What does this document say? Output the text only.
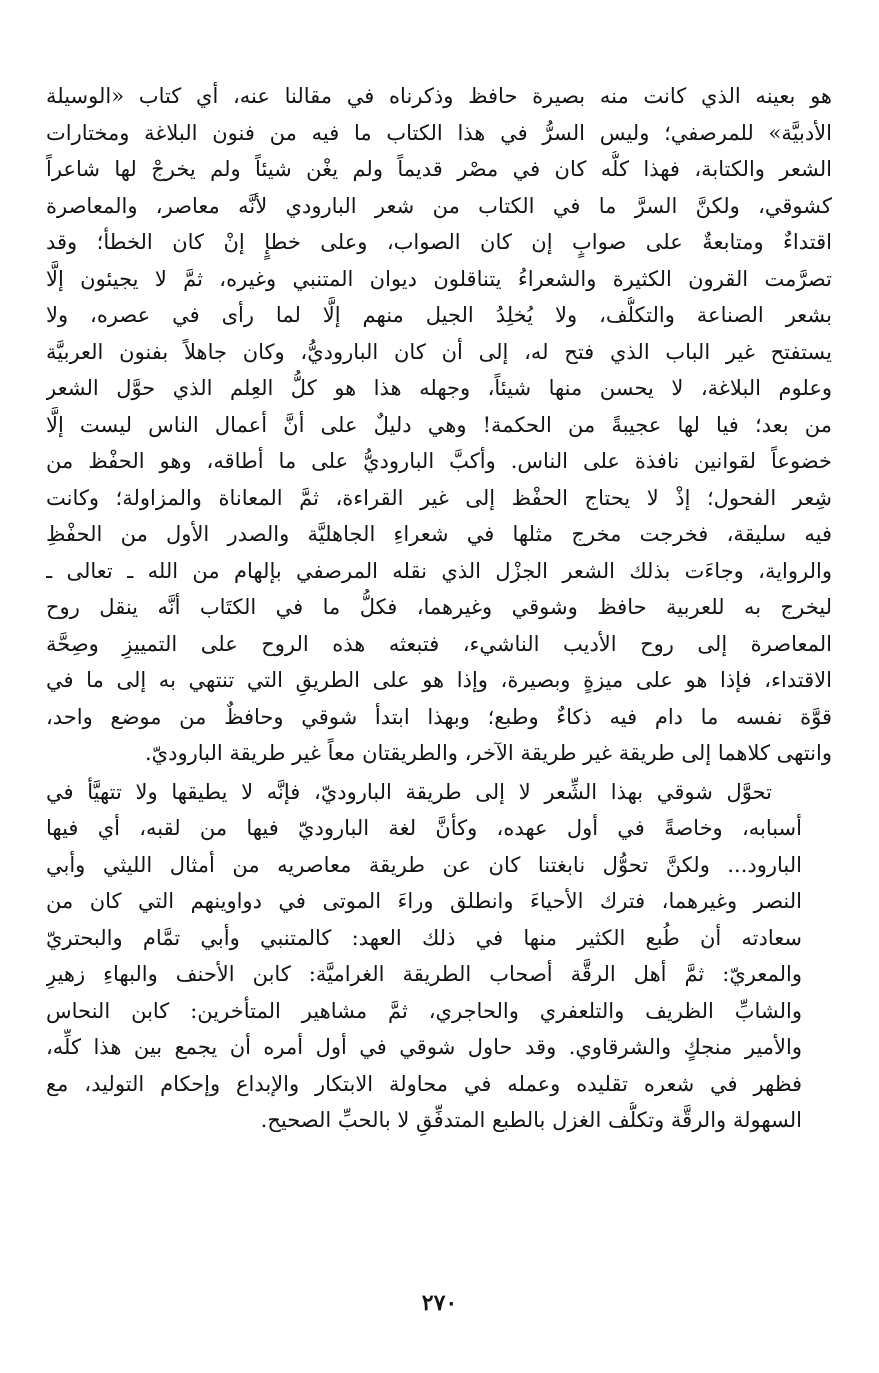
هو بعينه الذي كانت منه بصيرة حافظ وذكرناه في مقالنا عنه، أي كتاب «الوسيلة
الأدبيَّة» للمرصفي؛ وليس السرُّ في هذا الكتاب ما فيه من فنون البلاغة ومختارات
الشعر والكتابة، فهذا كلُّه كان في مصْر قديماً ولم يغْن شيئاً ولم يخرجْ لها شاعراً
كشوقي، ولكنَّ السرَّ ما في الكتاب من شعر البارودي لأنَّه معاصر، والمعاصرة
اقتداءٌ ومتابعةٌ على صوابٍ إن كان الصواب، وعلى خطإٍ إنْ كان الخطأ؛ وقد
تصرَّمت القرون الكثيرة والشعراءُ يتناقلون ديوان المتنبي وغيره، ثمَّ لا يجيئون إلَّا
بشعر الصناعة والتكلُّف، ولا يُخلِدُ الجيل منهم إلَّا لما رأى في عصره، ولا
يستفتح غير الباب الذي فتح له، إلى أن كان الباروديُّ، وكان جاهلاً بفنون العربيَّة
وعلوم البلاغة، لا يحسن منها شيئاً، وجهله هذا هو كلُّ العِلم الذي حوَّل الشعر
من بعد؛ فيا لها عجيبةً من الحكمة! وهي دليلٌ على أنَّ أعمال الناس ليست إلَّا
خضوعاً لقوانين نافذة على الناس. وأكبَّ الباروديُّ على ما أطاقه، وهو الحفْظ من
شِعر الفحول؛ إذْ لا يحتاج الحفْظ إلى غير القراءة، ثمَّ المعاناة والمزاولة؛ وكانت
فيه سليقة، فخرجت مخرج مثلها في شعراءِ الجاهليَّة والصدر الأول من الحفْظِ
والرواية، وجاءَت بذلك الشعر الجزْل الذي نقله المرصفي بإلهام من الله ـ تعالى ـ
ليخرج به للعربية حافظ وشوقي وغيرهما، فكلُّ ما في الكتَاب أنَّه ينقل روح
المعاصرة إلى روح الأديب الناشيء، فتبعثه هذه الروح على التمييزِ وصِحَّة
الاقتداء، فإذا هو على ميزةٍ وبصيرة، وإذا هو على الطريقِ التي تنتهي به إلى ما في
قوَّة نفسه ما دام فيه ذكاءٌ وطبع؛ وبهذا ابتدأ شوقي وحافظٌ من موضع واحد،
وانتهى كلاهما إلى طريقة غير طريقة الآخر، والطريقتان معاً غير طريقة الباروديّ.
تحوَّل شوقي بهذا الشِّعر لا إلى طريقة الباروديّ، فإنَّه لا يطيقها ولا تتهيَّأ في
أسبابه، وخاصةً في أول عهده، وكأنَّ لغة الباروديّ فيها من لقبه، أي فيها
البارود... ولكنَّ تحوُّل نابغتنا كان عن طريقة معاصريه من أمثال الليثي وأبي
النصر وغيرهما، فترك الأحياءَ وانطلق وراءَ الموتى في دواوينهم التي كان من
سعادته أن طُبع الكثير منها في ذلك العهد: كالمتنبي وأبي تمَّام والبحتريّ
والمعريّ: ثمَّ أهل الرقَّة أصحاب الطريقة الغراميَّة: كابن الأحنف والبهاءِ زهيرِ
والشابِّ الظريف والتلعفري والحاجري، ثمَّ مشاهير المتأخرين: كابن النحاس
والأمير منجكٍ والشرقاوي. وقد حاول شوقي في أول أمره أن يجمع بين هذا كلِّه،
فظهر في شعره تقليده وعمله في محاولة الابتكار والإبداع وإحكام التوليد، مع
السهولة والرقَّة وتكلُّف الغزل بالطبع المتدفِّقِ لا بالحبِّ الصحيح.
٢٧٠
